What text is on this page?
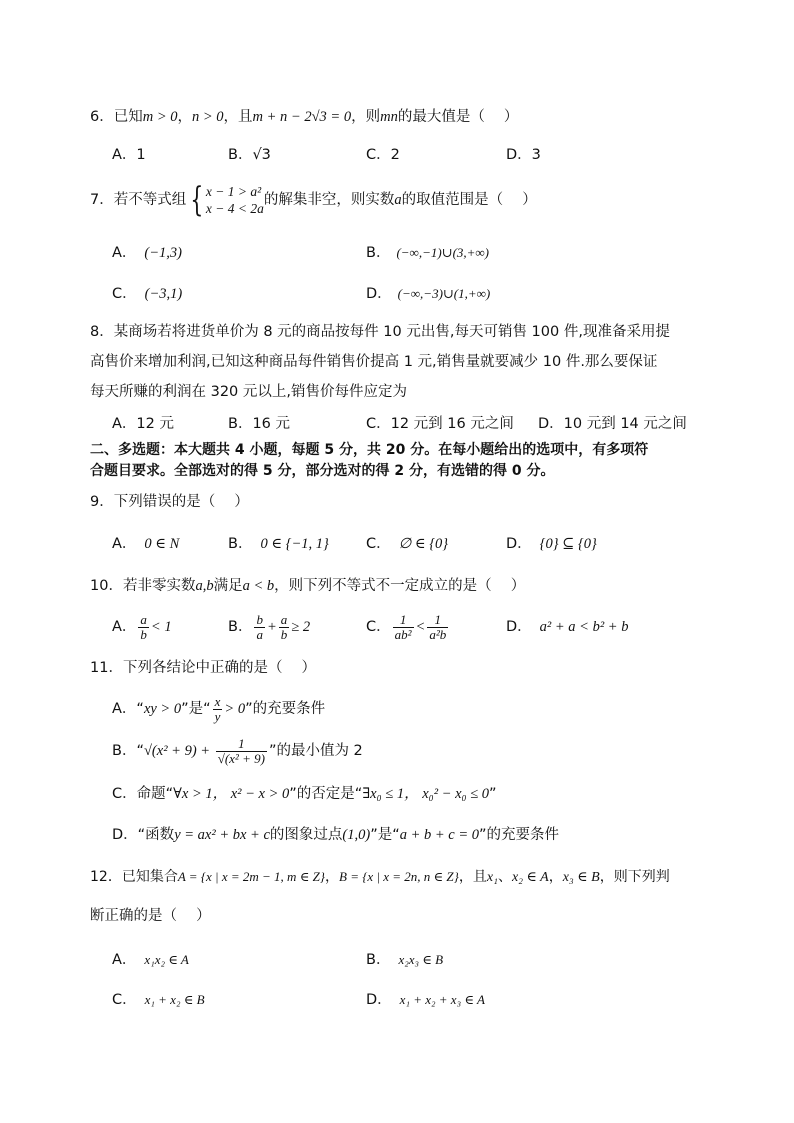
6．已知m > 0，n > 0，且m + n − 2√3 = 0，则mn的最大值是（　 ）
A．1	B．√3	C．2	D．3
7．若不等式组 { x − 1 > a²
x − 4 < 2a
的解集非空，则实数a的取值范围是（　 ）
A． (−1,3)	B． (−∞,−1)∪(3,+∞)
C． (−3,1)	D． (−∞,−3)∪(1,+∞)
8．某商场若将进货单价为 8 元的商品按每件 10 元出售,每天可销售 100 件,现准备采用提
高售价来增加利润,已知这种商品每件销售价提高 1 元,销售量就要减少 10 件.那么要保证
每天所赚的利润在 320 元以上,销售价每件应定为
A．12 元	B．16 元	C．12 元到 16 元之间 D．10 元到 14 元之间
二、多选题：本大题共 4 小题，每题 5 分，共 20 分。在每小题给出的选项中，有多项符
合题目要求。全部选对的得 5 分，部分选对的得 2 分，有选错的得 0 分。
9．下列错误的是（　 ）
A． 0 ∈ N	B． 0 ∈ {−1, 1}	C． ∅ ∈ {0}	D． {0} ⊆ {0}
10．若非零实数a,b满足a < b，则下列不等式不一定成立的是（　 ）
A． $\frac{a}{b} < 1$	B． $\frac{b}{a} + \frac{a}{b} \ge 2$	C． $\frac{1}{\text{ab²}} < \frac{1}{\text{a²b}}$	D． a² + a < b² + b
11．下列各结论中正确的是（　 ）
A．“xy > 0”是“ $\frac{x}{y} > 0$”的充要条件
B．“$√(x^2 + 9) + \frac{1}{\text{√(x² + 9)}}$ ”的最小值为 2
C．命题“∀x > 1， x² − x > 0”的否定是“∃x₀ ≤ 1， x₀² − x₀ ≤ 0”
D．“函数y = ax² + bx + c的图象过点(1,0)”是“a + b + c = 0”的充要条件
12．已知集合A = {x | x = 2m − 1, m ∈ Z}，B = {x | x = 2n, n ∈ Z}，且x₁、x₂ ∈ A，x₃ ∈ B，则下列判
断正确的是（　 ）
A． x₁x₂ ∈ A	B． x₂x₃ ∈ B
C． x₁ + x₂ ∈ B	D． x₁ + x₂ + x₃ ∈ A
